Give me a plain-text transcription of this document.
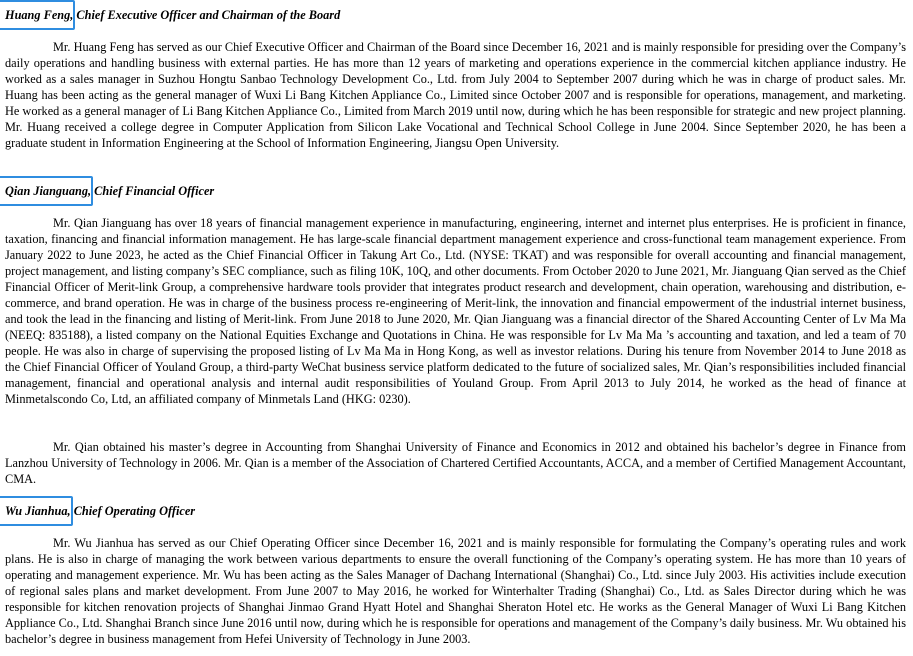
Huang Feng, Chief Executive Officer and Chairman of the Board

Mr. Huang Feng has served as our Chief Executive Officer and Chairman of the Board since December 16, 2021 and is mainly responsible for presiding over the Company’s daily operations and handling business with external parties. He has more than 12 years of marketing and operations experience in the commercial kitchen appliance industry. He worked as a sales manager in Suzhou Hongtu Sanbao Technology Development Co., Ltd. from July 2004 to September 2007 during which he was in charge of product sales. Mr. Huang has been acting as the general manager of Wuxi Li Bang Kitchen Appliance Co., Limited since October 2007 and is responsible for operations, management, and marketing. He worked as a general manager of Li Bang Kitchen Appliance Co., Limited from March 2019 until now, during which he has been responsible for strategic and new project planning. Mr. Huang received a college degree in Computer Application from Silicon Lake Vocational and Technical School College in June 2004. Since September 2020, he has been a graduate student in Information Engineering at the School of Information Engineering, Jiangsu Open University.

Qian Jianguang, Chief Financial Officer

Mr. Qian Jianguang has over 18 years of financial management experience in manufacturing, engineering, internet and internet plus enterprises. He is proficient in finance, taxation, financing and financial information management. He has large-scale financial department management experience and cross-functional team management experience. From January 2022 to June 2023, he acted as the Chief Financial Officer in Takung Art Co., Ltd. (NYSE: TKAT) and was responsible for overall accounting and financial management, project management, and listing company’s SEC compliance, such as filing 10K, 10Q, and other documents. From October 2020 to June 2021, Mr. Jianguang Qian served as the Chief Financial Officer of Merit-link Group, a comprehensive hardware tools provider that integrates product research and development, chain operation, warehousing and distribution, e-commerce, and brand operation. He was in charge of the business process re-engineering of Merit-link, the innovation and financial empowerment of the industrial internet business, and took the lead in the financing and listing of Merit-link. From June 2018 to June 2020, Mr. Qian Jianguang was a financial director of the Shared Accounting Center of Lv Ma Ma (NEEQ: 835188), a listed company on the National Equities Exchange and Quotations in China. He was responsible for Lv Ma Ma ’s accounting and taxation, and led a team of 70 people. He was also in charge of supervising the proposed listing of Lv Ma Ma in Hong Kong, as well as investor relations. During his tenure from November 2014 to June 2018 as the Chief Financial Officer of Youland Group, a third-party WeChat business service platform dedicated to the future of socialized sales, Mr. Qian’s responsibilities included financial management, financial and operational analysis and internal audit responsibilities of Youland Group. From April 2013 to July 2014, he worked as the head of finance at Minmetalscondo Co, Ltd, an affiliated company of Minmetals Land (HKG: 0230).

Mr. Qian obtained his master’s degree in Accounting from Shanghai University of Finance and Economics in 2012 and obtained his bachelor’s degree in Finance from Lanzhou University of Technology in 2006. Mr. Qian is a member of the Association of Chartered Certified Accountants, ACCA, and a member of Certified Management Accountant, CMA.

Wu Jianhua, Chief Operating Officer

Mr. Wu Jianhua has served as our Chief Operating Officer since December 16, 2021 and is mainly responsible for formulating the Company’s operating rules and work plans. He is also in charge of managing the work between various departments to ensure the overall functioning of the Company’s operating system. He has more than 10 years of operating and management experience. Mr. Wu has been acting as the Sales Manager of Dachang International (Shanghai) Co., Ltd. since July 2003. His activities include execution of regional sales plans and market development. From June 2007 to May 2016, he worked for Winterhalter Trading (Shanghai) Co., Ltd. as Sales Director during which he was responsible for kitchen renovation projects of Shanghai Jinmao Grand Hyatt Hotel and Shanghai Sheraton Hotel etc. He works as the General Manager of Wuxi Li Bang Kitchen Appliance Co., Ltd. Shanghai Branch since June 2016 until now, during which he is responsible for operations and management of the Company’s daily business. Mr. Wu obtained his bachelor’s degree in business management from Hefei University of Technology in June 2003.
